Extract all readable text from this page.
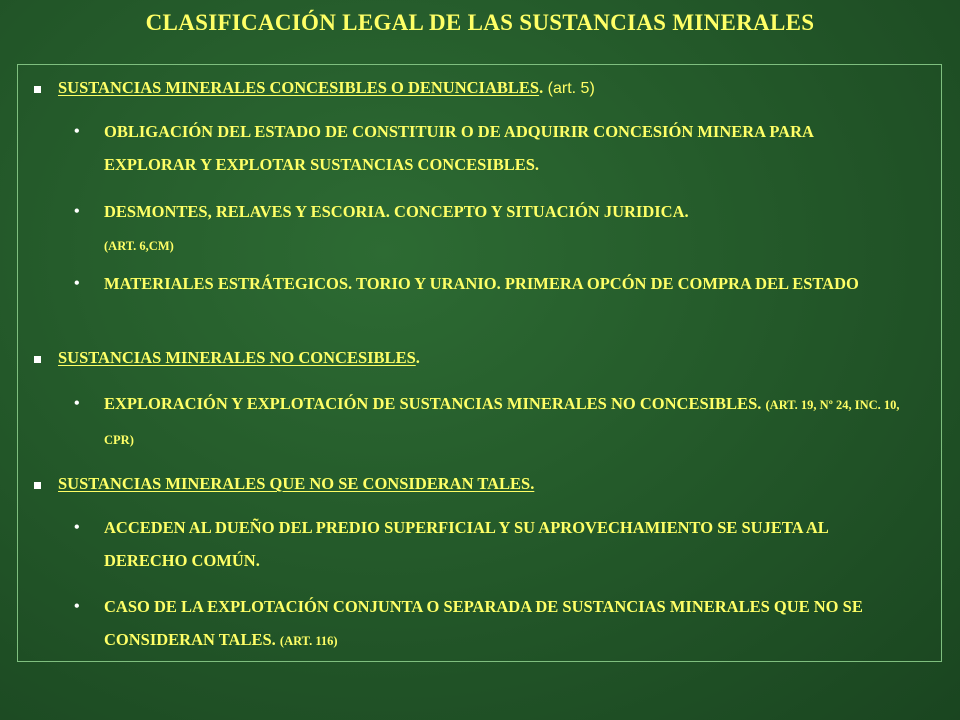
CLASIFICACIÓN LEGAL DE LAS SUSTANCIAS MINERALES
SUSTANCIAS MINERALES CONCESIBLES O DENUNCIABLES. (art. 5)
• OBLIGACIÓN DEL ESTADO DE CONSTITUIR O DE ADQUIRIR CONCESIÓN MINERA PARA EXPLORAR Y EXPLOTAR SUSTANCIAS CONCESIBLES.
• DESMONTES, RELAVES Y ESCORIA. CONCEPTO Y SITUACIÓN JURIDICA.
(ART. 6,CM)
• MATERIALES ESTRÁTEGICOS. TORIO Y URANIO. PRIMERA OPCÓN DE COMPRA DEL ESTADO
SUSTANCIAS MINERALES NO CONCESIBLES.
• EXPLORACIÓN Y EXPLOTACIÓN DE SUSTANCIAS MINERALES NO CONCESIBLES. (ART. 19, Nº 24, INC. 10, CPR)
SUSTANCIAS MINERALES QUE NO SE CONSIDERAN TALES.
• ACCEDEN AL DUEÑO DEL PREDIO SUPERFICIAL Y SU APROVECHAMIENTO SE SUJETA AL DERECHO COMÚN.
• CASO DE LA EXPLOTACIÓN CONJUNTA O SEPARADA DE SUSTANCIAS MINERALES QUE NO SE CONSIDERAN TALES. (ART. 116)
